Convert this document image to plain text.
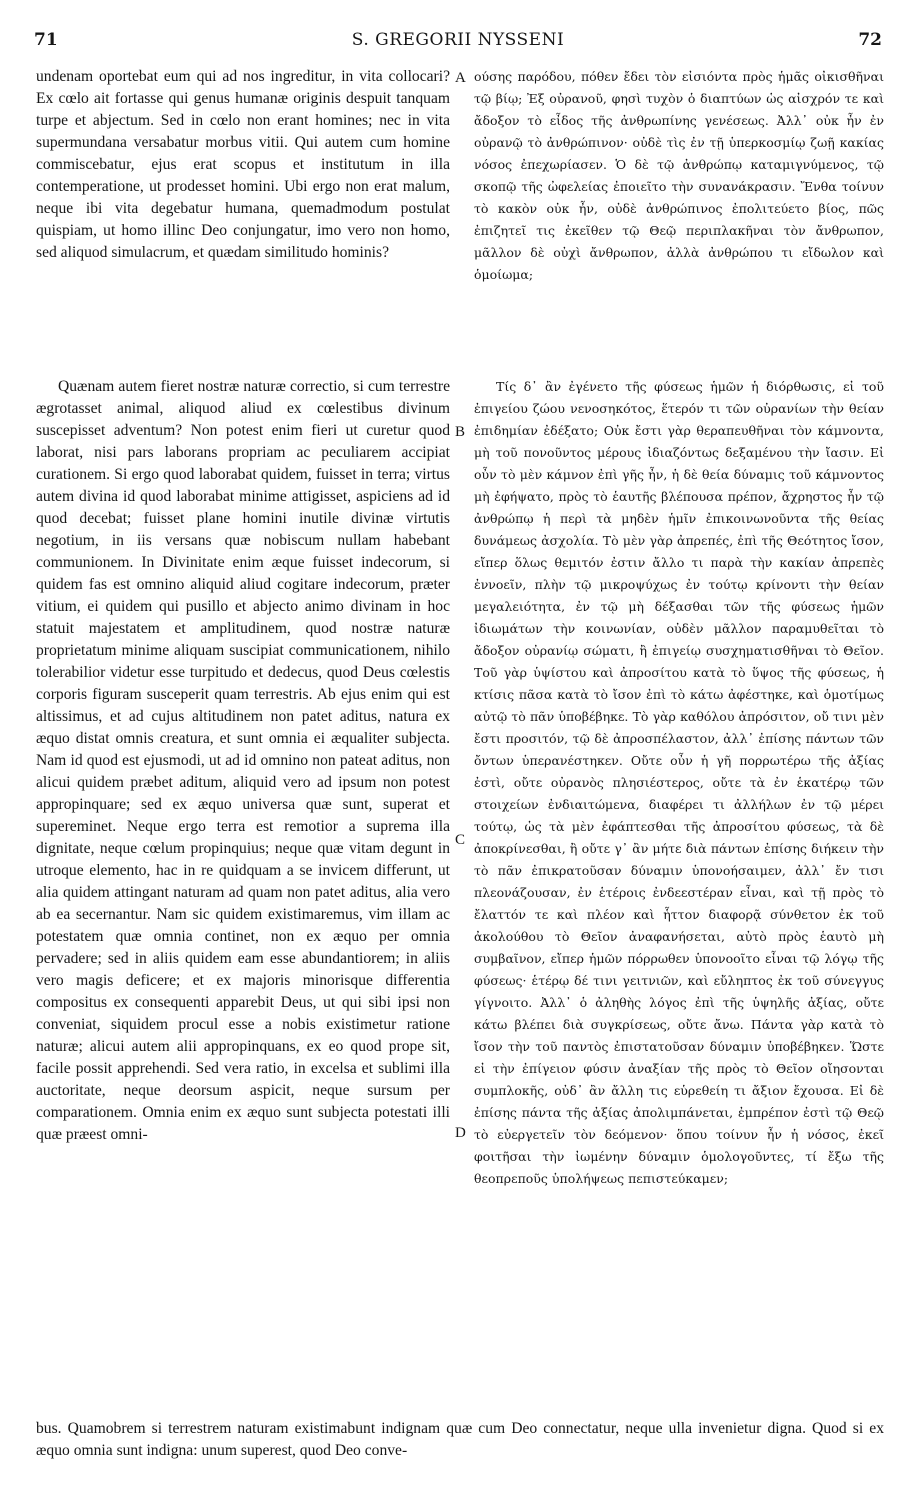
71	S. GREGORII NYSSENI	72

undenam oportebat eum qui ad nos ingreditur, in vita collocari? Ex cœlo ait fortasse qui genus humanæ originis despuit tanquam turpe et abjectum. Sed in cœlo non erant homines; nec in vita supermundana versabatur morbus vitii. Qui autem cum homine commiscebatur, ejus erat scopus et institutum in illa contemperatione, ut prodesset homini. Ubi ergo non erat malum, neque ibi vita degebatur humana, quemadmodum postulat quispiam, ut homo illinc Deo conjungatur, imo vero non homo, sed aliquod simulacrum, et quædam similitudo hominis?

Quænam autem fieret nostræ naturæ correctio, si cum terrestre ægrotasset animal, aliquod aliud ex cœlestibus divinum suscepisset adventum? Non potest enim fieri ut curetur quod laborat, nisi pars laborans propriam ac peculiarem accipiat curationem. Si ergo quod laborabat quidem, fuisset in terra; virtus autem divina id quod laborabat minime attigisset, aspiciens ad id quod decebat; fuisset plane homini inutile divinæ virtutis negotium, in iis versans quæ nobiscum nullam habebant communionem. In Divinitate enim æque fuisset indecorum, si quidem fas est omnino aliquid aliud cogitare indecorum, præter vitium, ei quidem qui pusillo et abjecto animo divinam in hoc statuit majestatem et amplitudinem, quod nostræ naturæ proprietatum minime aliquam suscipiat communicationem, nihilo tolerabilior videtur esse turpitudo et dedecus, quod Deus cœlestis corporis figuram susceperit quam terrestris. Ab ejus enim qui est altissimus, et ad cujus altitudinem non patet aditus, natura ex æquo distat omnis creatura, et sunt omnia ei æqualiter subjecta. Nam id quod est ejusmodi, ut ad id omnino non pateat aditus, non alicui quidem præbet aditum, aliquid vero ad ipsum non potest appropinquare; sed ex æquo universa quæ sunt, superat et supereminet. Neque ergo terra est remotior a suprema illa dignitate, neque cœlum propinquius; neque quæ vitam degunt in utroque elemento, hac in re quidquam a se invicem differunt, ut alia quidem attingant naturam ad quam non patet aditus, alia vero ab ea secernantur. Nam sic quidem existimaremus, vim illam ac potestatem quæ omnia continet, non ex æquo per omnia pervadere; sed in aliis quidem eam esse abundantiorem; in aliis vero magis deficere; et ex majoris minorisque differentia compositus ex consequenti apparebit Deus, ut qui sibi ipsi non conveniat, siquidem procul esse a nobis existimetur ratione naturæ; alicui autem alii appropinquans, ex eo quod prope sit, facile possit apprehendi. Sed vera ratio, in excelsa et sublimi illa auctoritate, neque deorsum aspicit, neque sursum per comparationem. Omnia enim ex æquo sunt subjecta potestati illi quæ præest omni-

ούσης παρόδου, πόθεν ἔδει τὸν εἰσιόντα πρὸς ἡμᾶς οἰκισθῆναι τῷ βίῳ; Ἐξ οὐρανοῦ, φησὶ τυχὸν ὁ διαπτύων ὡς αἰσχρόν τε καὶ ἄδοξον τὸ εἶδος τῆς ἀνθρωπίνης γενέσεως. Ἀλλ᾽ οὐκ ἦν ἐν οὐρανῷ τὸ ἀνθρώπινον· οὐδὲ τὶς ἐν τῇ ὑπερκοσμίῳ ζωῇ κακίας νόσος ἐπεχωρίασεν. Ὁ δὲ τῷ ἀνθρώπῳ καταμιγνύμενος, τῷ σκοπῷ τῆς ὠφελείας ἐποιεῖτο τὴν συνανάκρασιν. Ἔνθα τοίνυν τὸ κακὸν οὐκ ἦν, οὐδὲ ἀνθρώπινος ἐπολιτεύετο βίος, πῶς ἐπιζητεῖ τις ἐκεῖθεν τῷ Θεῷ περιπλακῆναι τὸν ἄνθρωπον, μᾶλλον δὲ οὐχὶ ἄνθρωπον, ἀλλὰ ἀνθρώπου τι εἴδωλον καὶ ὁμοίωμα;

Τίς δ᾽ ἂν ἐγένετο τῆς φύσεως ἡμῶν ἡ διόρθωσις, εἰ τοῦ ἐπιγείου ζώου νενοσηκότος, ἕτερόν τι τῶν οὐρανίων τὴν θείαν ἐπιδημίαν ἐδέξατο; Οὐκ ἔστι γὰρ θεραπευθῆναι τὸν κάμνοντα, μὴ τοῦ πονοῦντος μέρους ἰδιαζόντως δεξαμένου τὴν ἴασιν. Εἰ οὖν τὸ μὲν κάμνον ἐπὶ γῆς ἦν, ἡ δὲ θεία δύναμις τοῦ κάμνοντος μὴ ἐφήψατο, πρὸς τὸ ἑαυτῆς βλέπουσα πρέπον, ἄχρηστος ἦν τῷ ἀνθρώπῳ ἡ περὶ τὰ μηδὲν ἡμῖν ἐπικοινωνοῦντα τῆς θείας δυνάμεως ἀσχολία. Τὸ μὲν γὰρ ἀπρεπές, ἐπὶ τῆς Θεότητος ἴσον, εἴπερ ὅλως θεμιτόν ἐστιν ἄλλο τι παρὰ τὴν κακίαν ἀπρεπὲς ἐννοεῖν, πλὴν τῷ μικροψύχως ἐν τούτῳ κρίνοντι τὴν θείαν μεγαλειότητα, ἐν τῷ μὴ δέξασθαι τῶν τῆς φύσεως ἡμῶν ἰδιωμάτων τὴν κοινωνίαν, οὐδὲν μᾶλλον παραμυθεῖται τὸ ἄδοξον οὐρανίῳ σώματι, ἢ ἐπιγείῳ συσχηματισθῆναι τὸ Θεῖον. Τοῦ γὰρ ὑψίστου καὶ ἀπροσίτου κατὰ τὸ ὕψος τῆς φύσεως, ἡ κτίσις πᾶσα κατὰ τὸ ἴσον ἐπὶ τὸ κάτω ἀφέστηκε, καὶ ὁμοτίμως αὐτῷ τὸ πᾶν ὑποβέβηκε. Τὸ γὰρ καθόλου ἀπρόσιτον, οὔ τινι μὲν ἔστι προσιτόν, τῷ δὲ ἀπροσπέλαστον, ἀλλ᾽ ἐπίσης πάντων τῶν ὄντων ὑπερανέστηκεν. Οὔτε οὖν ἡ γῆ πορρωτέρω τῆς ἀξίας ἐστὶ, οὔτε οὐρανὸς πλησιέστερος, οὔτε τὰ ἐν ἑκατέρῳ τῶν στοιχείων ἐνδιαιτώμενα, διαφέρει τι ἀλλήλων ἐν τῷ μέρει τούτῳ, ὡς τὰ μὲν ἐφάπτεσθαι τῆς ἀπροσίτου φύσεως, τὰ δὲ ἀποκρίνεσθαι, ἢ οὔτε γ᾽ ἂν μήτε διὰ πάντων ἐπίσης διήκειν τὴν τὸ πᾶν ἐπικρατοῦσαν δύναμιν ὑπονοήσαιμεν, ἀλλ᾽ ἔν τισι πλεονάζουσαν, ἐν ἑτέροις ἐνδεεστέραν εἶναι, καὶ τῇ πρὸς τὸ ἔλαττόν τε καὶ πλέον καὶ ἧττον διαφορᾷ σύνθετον ἐκ τοῦ ἀκολούθου τὸ Θεῖον ἀναφανήσεται, αὐτὸ πρὸς ἑαυτὸ μὴ συμβαῖνον, εἴπερ ἡμῶν πόρρωθεν ὑπονοοῖτο εἶναι τῷ λόγῳ τῆς φύσεως· ἑτέρῳ δέ τινι γειτνιῶν, καὶ εὔληπτος ἐκ τοῦ σύνεγγυς γίγνοιτο. Ἀλλ᾽ ὁ ἀληθὴς λόγος ἐπὶ τῆς ὑψηλῆς ἀξίας, οὔτε κάτω βλέπει διὰ συγκρίσεως, οὔτε ἄνω. Πάντα γὰρ κατὰ τὸ ἴσον τὴν τοῦ παντὸς ἐπιστατοῦσαν δύναμιν ὑποβέβηκεν. Ὥστε εἰ τὴν ἐπίγειον φύσιν ἀναξίαν τῆς πρὸς τὸ Θεῖον οἴησονται συμπλοκῆς, οὐδ᾽ ἂν ἄλλη τις εὑρεθείη τι ἄξιον ἔχουσα. Εἰ δὲ ἐπίσης πάντα τῆς ἀξίας ἀπολιμπάνεται, ἐμπρέπον ἐστὶ τῷ Θεῷ τὸ εὐεργετεῖν τὸν δεόμενον· ὅπου τοίνυν ἦν ἡ νόσος, ἐκεῖ φοιτῆσαι τὴν ἰωμένην δύναμιν ὁμολογοῦντες, τί ἔξω τῆς θεοπρεποῦς ὑπολήψεως πεπιστεύκαμεν;

A
B
C
D
bus. Quamobrem si terrestrem naturam existimabunt indignam quæ cum Deo connectatur, neque ulla invenietur digna. Quod si ex æquo omnia sunt indigna: unum superest, quod Deo conve-
